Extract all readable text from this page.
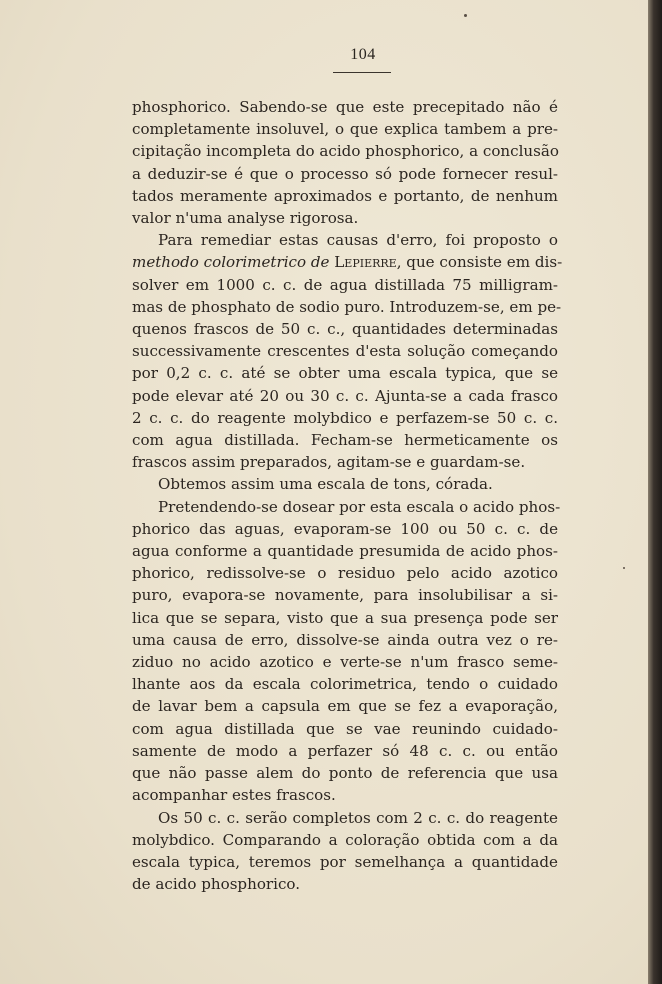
104

phosphorico. Sabendo-se que este precepitado não é
completamente insoluvel, o que explica tambem a pre-
cipitação incompleta do acido phosphorico, a conclusão
a deduzir-se é que o processo só pode fornecer resul-
tados meramente aproximados e portanto, de nenhum
valor n'uma analyse rigorosa.

Para remediar estas causas d'erro, foi proposto o
methodo colorimetrico de Lepierre, que consiste em dis-
solver em 1000 c. c. de agua distillada 75 milligram-
mas de phosphato de sodio puro. Introduzem-se, em pe-
quenos frascos de 50 c. c., quantidades determinadas
successivamente crescentes d'esta solução começando
por 0,2 c. c. até se obter uma escala typica, que se
pode elevar até 20 ou 30 c. c. Ajunta-se a cada frasco
2 c. c. do reagente molybdico e perfazem-se 50 c. c.
com agua distillada. Fecham-se hermeticamente os
frascos assim preparados, agitam-se e guardam-se.

Obtemos assim uma escala de tons, córada.

Pretendendo-se dosear por esta escala o acido phos-
phorico das aguas, evaporam-se 100 ou 50 c. c. de
agua conforme a quantidade presumida de acido phos-
phorico, redissolve-se o residuo pelo acido azotico
puro, evapora-se novamente, para insolubilisar a si-
lica que se separa, visto que a sua presença pode ser
uma causa de erro, dissolve-se ainda outra vez o re-
ziduo no acido azotico e verte-se n'um frasco seme-
lhante aos da escala colorimetrica, tendo o cuidado
de lavar bem a capsula em que se fez a evaporação,
com agua distillada que se vae reunindo cuidado-
samente de modo a perfazer só 48 c. c. ou então
que não passe alem do ponto de referencia que usa
acompanhar estes frascos.

Os 50 c. c. serão completos com 2 c. c. do reagente
molybdico. Comparando a coloração obtida com a da
escala typica, teremos por semelhança a quantidade
de acido phosphorico.
